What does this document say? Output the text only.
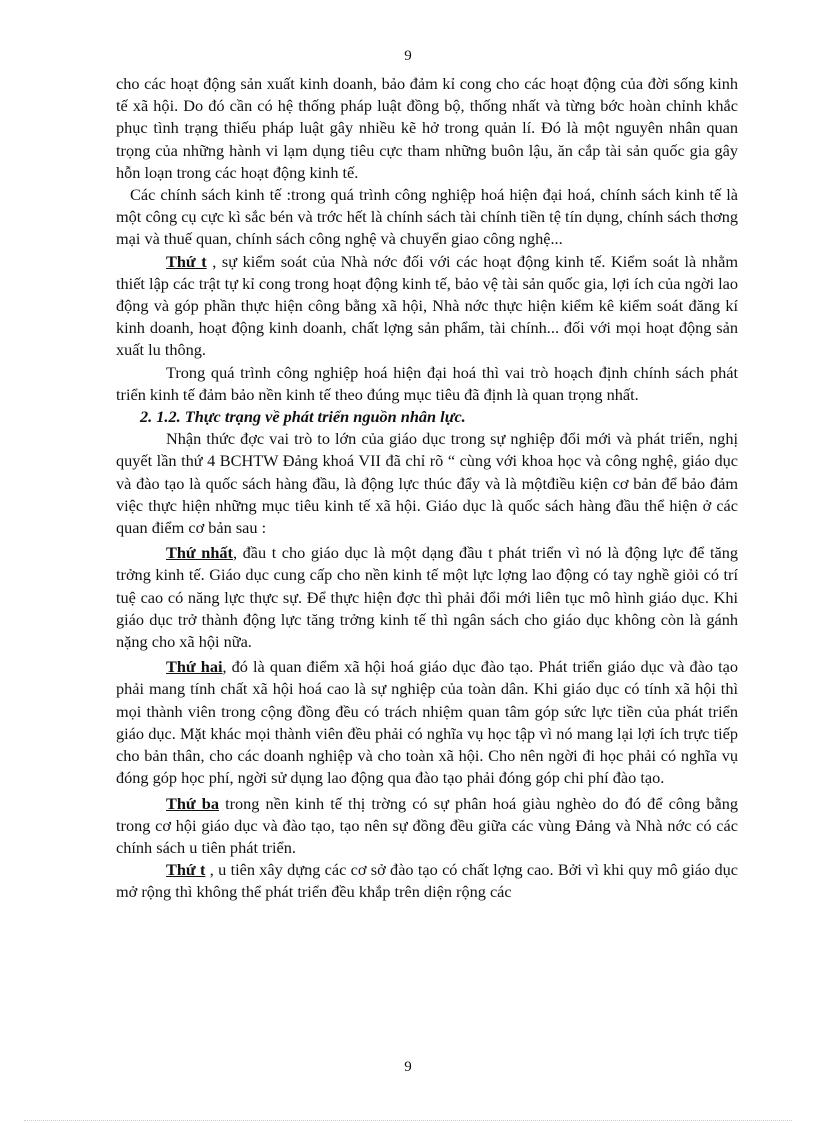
9

cho các hoạt động sản xuất kinh doanh, bảo đảm kỉ cong cho các hoạt động của đời sống kinh tế xã hội. Do đó cần có hệ thống pháp luật đồng bộ, thống nhất và từng bớc hoàn chỉnh khắc phục tình trạng thiếu pháp luật gây nhiều kẽ hở trong quản lí. Đó là một nguyên nhân quan trọng của những hành vi lạm dụng tiêu cực tham những buôn lậu, ăn cắp tài sản quốc gia gây hỗn loạn trong các hoạt động kinh tế.

Các chính sách kinh tế :trong quá trình công nghiệp hoá hiện đại hoá, chính sách kinh tế là một công cụ cực kì sắc bén và trớc hết là chính sách tài chính tiền tệ tín dụng, chính sách thơng mại và thuế quan, chính sách công nghệ và chuyển giao công nghệ...

Thứ t , sự kiểm soát của Nhà nớc đối với các hoạt động kinh tế. Kiểm soát là nhằm thiết lập các trật tự kỉ cong trong hoạt động kinh tế, bảo vệ tài sản quốc gia, lợi ích của ngời lao động và góp phần thực hiện công bằng xã hội, Nhà nớc thực hiện kiểm kê kiểm soát đăng kí kinh doanh, hoạt động kinh doanh, chất lợng sản phẩm, tài chính... đối với mọi hoạt động sản xuất lu thông.

Trong quá trình công nghiệp hoá hiện đại hoá thì vai trò hoạch định chính sách phát triển kinh tế đảm bảo nền kinh tế theo đúng mục tiêu đã định là quan trọng nhất.

2. 1.2. Thực trạng về phát triển nguồn nhân lực.

Nhận thức đợc vai trò to lớn của giáo dục trong sự nghiệp đổi mới và phát triển, nghị quyết lần thứ 4 BCHTW Đảng khoá VII đã chỉ rõ “ cùng với khoa học và công nghệ, giáo dục và đào tạo là quốc sách hàng đầu, là động lực thúc đẩy và là mộtđiều kiện cơ bản để bảo đảm việc thực hiện những mục tiêu kinh tế xã hội. Giáo dục là quốc sách hàng đầu thể hiện ở các quan điểm cơ bản sau :

Thứ nhất, đầu t cho giáo dục là một dạng đầu t phát triển vì nó là động lực để tăng trởng kinh tế. Giáo dục cung cấp cho nền kinh tế một lực lợng lao động có tay nghề giỏi có trí tuệ cao có năng lực thực sự. Để thực hiện đợc thì phải đổi mới liên tục mô hình giáo dục. Khi giáo dục trở thành động lực tăng trởng kinh tế thì ngân sách cho giáo dục không còn là gánh nặng cho xã hội nữa.

Thứ hai, đó là quan điểm xã hội hoá giáo dục đào tạo. Phát triển giáo dục và đào tạo phải mang tính chất xã hội hoá cao là sự nghiệp của toàn dân. Khi giáo dục có tính xã hội thì mọi thành viên trong cộng đồng đều có trách nhiệm quan tâm góp sức lực tiền của phát triển giáo dục. Mặt khác mọi thành viên đều phải có nghĩa vụ học tập vì nó mang lại lợi ích trực tiếp cho bản thân, cho các doanh nghiệp và cho toàn xã hội. Cho nên ngời đi học phải có nghĩa vụ đóng góp học phí, ngời sử dụng lao động qua đào tạo phải đóng góp chi phí đào tạo.

Thứ ba trong nền kinh tế thị trờng có sự phân hoá giàu nghèo do đó để công bằng trong cơ hội giáo dục và đào tạo, tạo nên sự đồng đều giữa các vùng Đảng và Nhà nớc có các chính sách u tiên phát triển.

Thứ t , u tiên xây dựng các cơ sở đào tạo có chất lợng cao. Bởi vì khi quy mô giáo dục mở rộng thì không thể phát triển đều khắp trên diện rộng các

9
